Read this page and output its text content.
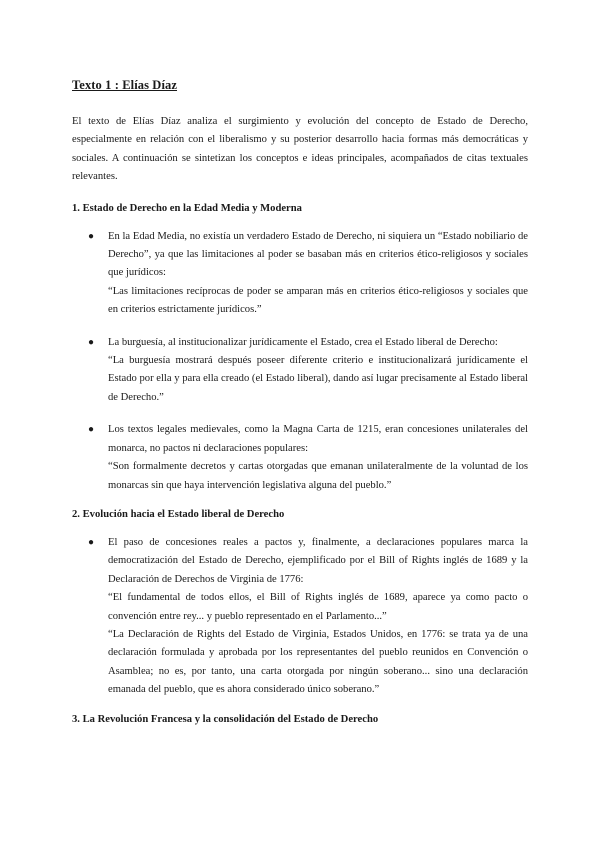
Texto 1 : Elías Díaz

El texto de Elías Díaz analiza el surgimiento y evolución del concepto de Estado de Derecho, especialmente en relación con el liberalismo y su posterior desarrollo hacia formas más democráticas y sociales. A continuación se sintetizan los conceptos e ideas principales, acompañados de citas textuales relevantes.

1. Estado de Derecho en la Edad Media y Moderna
● En la Edad Media, no existía un verdadero Estado de Derecho, ni siquiera un “Estado nobiliario de Derecho”, ya que las limitaciones al poder se basaban más en criterios ético-religiosos y sociales que jurídicos:
“Las limitaciones recíprocas de poder se amparan más en criterios ético-religiosos y sociales que en criterios estrictamente jurídicos.”
● La burguesía, al institucionalizar jurídicamente el Estado, crea el Estado liberal de Derecho:
“La burguesía mostrará después poseer diferente criterio e institucionalizará jurídicamente el Estado por ella y para ella creado (el Estado liberal), dando así lugar precisamente al Estado liberal de Derecho.”
● Los textos legales medievales, como la Magna Carta de 1215, eran concesiones unilaterales del monarca, no pactos ni declaraciones populares:
“Son formalmente decretos y cartas otorgadas que emanan unilateralmente de la voluntad de los monarcas sin que haya intervención legislativa alguna del pueblo.”
2. Evolución hacia el Estado liberal de Derecho
● El paso de concesiones reales a pactos y, finalmente, a declaraciones populares marca la democratización del Estado de Derecho, ejemplificado por el Bill of Rights inglés de 1689 y la Declaración de Derechos de Virginia de 1776:
“El fundamental de todos ellos, el Bill of Rights inglés de 1689, aparece ya como pacto o convención entre rey... y pueblo representado en el Parlamento...”
“La Declaración de Rights del Estado de Virginia, Estados Unidos, en 1776: se trata ya de una declaración formulada y aprobada por los representantes del pueblo reunidos en Convención o Asamblea; no es, por tanto, una carta otorgada por ningún soberano... sino una declaración emanada del pueblo, que es ahora considerado único soberano.”
3. La Revolución Francesa y la consolidación del Estado de Derecho
